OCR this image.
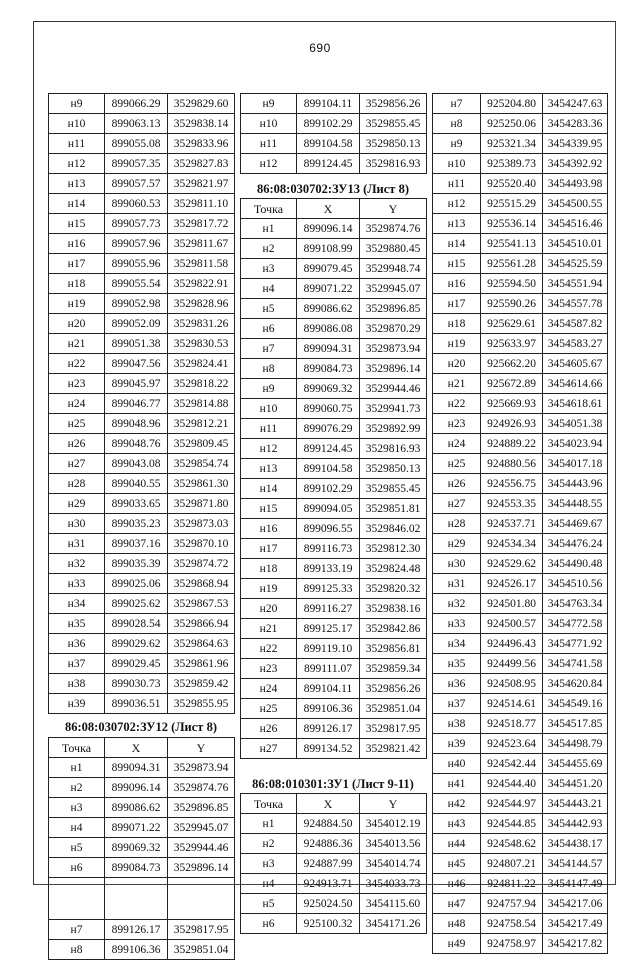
690
н9	899066.29	3529829.60
н10	899063.13	3529838.14
н11	899055.08	3529833.96
н12	899057.35	3529827.83
н13	899057.57	3529821.97
н14	899060.53	3529811.10
н15	899057.73	3529817.72
н16	899057.96	3529811.67
н17	899055.96	3529811.58
н18	899055.54	3529822.91
н19	899052.98	3529828.96
н20	899052.09	3529831.26
н21	899051.38	3529830.53
н22	899047.56	3529824.41
н23	899045.97	3529818.22
н24	899046.77	3529814.88
н25	899048.96	3529812.21
н26	899048.76	3529809.45
н27	899043.08	3529854.74
н28	899040.55	3529861.30
н29	899033.65	3529871.80
н30	899035.23	3529873.03
н31	899037.16	3529870.10
н32	899035.39	3529874.72
н33	899025.06	3529868.94
н34	899025.62	3529867.53
н35	899028.54	3529866.94
н36	899029.62	3529864.63
н37	899029.45	3529861.96
н38	899030.73	3529859.42
н39	899036.51	3529855.95
86:08:030702:ЗУ12 (Лист 8)
Точка	X	Y
н1	899094.31	3529873.94
н2	899096.14	3529874.76
н3	899086.62	3529896.85
н4	899071.22	3529945.07
н5	899069.32	3529944.46
н6	899084.73	3529896.14

н7	899126.17	3529817.95
н8	899106.36	3529851.04
н9	899104.11	3529856.26
н10	899102.29	3529855.45
н11	899104.58	3529850.13
н12	899124.45	3529816.93
86:08:030702:ЗУ13 (Лист 8)
Точка	X	Y
н1	899096.14	3529874.76
н2	899108.99	3529880.45
н3	899079.45	3529948.74
н4	899071.22	3529945.07
н5	899086.62	3529896.85
н6	899086.08	3529870.29
н7	899094.31	3529873.94
н8	899084.73	3529896.14
н9	899069.32	3529944.46
н10	899060.75	3529941.73
н11	899076.29	3529892.99
н12	899124.45	3529816.93
н13	899104.58	3529850.13
н14	899102.29	3529855.45
н15	899094.05	3529851.81
н16	899096.55	3529846.02
н17	899116.73	3529812.30
н18	899133.19	3529824.48
н19	899125.33	3529820.32
н20	899116.27	3529838.16
н21	899125.17	3529842.86
н22	899119.10	3529856.81
н23	899111.07	3529859.34
н24	899104.11	3529856.26
н25	899106.36	3529851.04
н26	899126.17	3529817.95
н27	899134.52	3529821.42
86:08:010301:ЗУ1 (Лист 9-11)
Точка	X	Y
н1	924884.50	3454012.19
н2	924886.36	3454013.56
н3	924887.99	3454014.74
н4	924913.71	3454033.73
н5	925024.50	3454115.60
н6	925100.32	3454171.26
н7	925204.80	3454247.63
н8	925250.06	3454283.36
н9	925321.34	3454339.95
н10	925389.73	3454392.92
н11	925520.40	3454493.98
н12	925515.29	3454500.55
н13	925536.14	3454516.46
н14	925541.13	3454510.01
н15	925561.28	3454525.59
н16	925594.50	3454551.94
н17	925590.26	3454557.78
н18	925629.61	3454587.82
н19	925633.97	3454583.27
н20	925662.20	3454605.67
н21	925672.89	3454614.66
н22	925669.93	3454618.61
н23	924926.93	3454051.38
н24	924889.22	3454023.94
н25	924880.56	3454017.18
н26	924556.75	3454443.96
н27	924553.35	3454448.55
н28	924537.71	3454469.67
н29	924534.34	3454476.24
н30	924529.62	3454490.48
н31	924526.17	3454510.56
н32	924501.80	3454763.34
н33	924500.57	3454772.58
н34	924496.43	3454771.92
н35	924499.56	3454741.58
н36	924508.95	3454620.84
н37	924514.61	3454549.16
н38	924518.77	3454517.85
н39	924523.64	3454498.79
н40	924542.44	3454455.69
н41	924544.40	3454451.20
н42	924544.97	3454443.21
н43	924544.85	3454442.93
н44	924548.62	3454438.17
н45	924807.21	3454144.57
н46	924811.22	3454147.49
н47	924757.94	3454217.06
н48	924758.54	3454217.49
н49	924758.97	3454217.82
